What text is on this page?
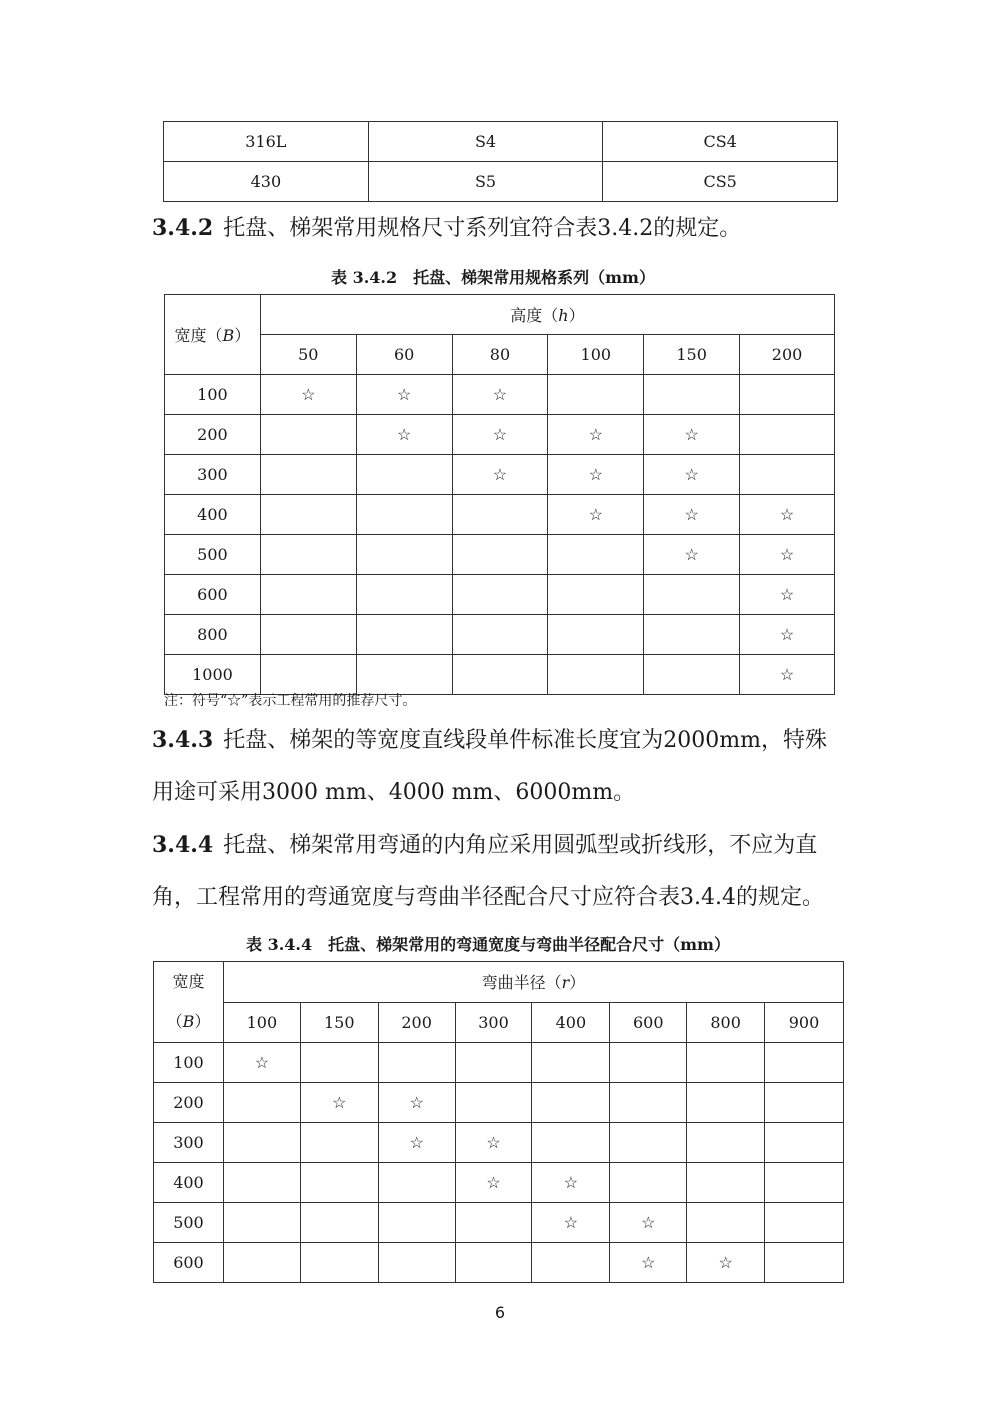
316L	S4	CS4
430	S5	CS5
3.4.2 托盘、梯架常用规格尺寸系列宜符合表3.4.2的规定。
表 3.4.2　托盘、梯架常用规格系列（mm）
宽度（B）	高度（h）					
	50	60	80	100	150	200
100	☆	☆	☆			
200		☆	☆	☆	☆	
300			☆	☆	☆	
400				☆	☆	☆
500					☆	☆
600						☆
800						☆
1000						☆
注：符号“☆”表示工程常用的推荐尺寸。
3.4.3 托盘、梯架的等宽度直线段单件标准长度宜为2000mm，特殊
用途可采用3000 mm、4000 mm、6000mm。
3.4.4 托盘、梯架常用弯通的内角应采用圆弧型或折线形，不应为直
角，工程常用的弯通宽度与弯曲半径配合尺寸应符合表3.4.4的规定。
表 3.4.4　托盘、梯架常用的弯通宽度与弯曲半径配合尺寸（mm）
宽度
（B）	弯曲半径（r）							
	100	150	200	300	400	600	800	900
100	☆							
200		☆	☆					
300			☆	☆				
400				☆	☆			
500					☆	☆		
600						☆	☆	
6
